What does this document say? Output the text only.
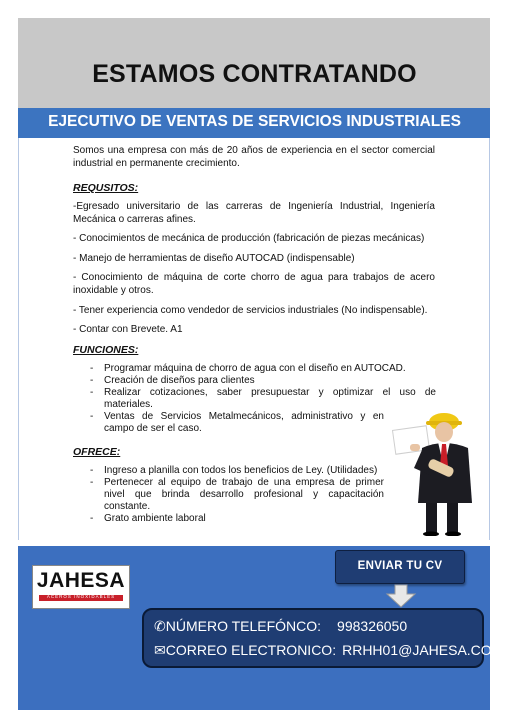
ESTAMOS CONTRATANDO
EJECUTIVO DE VENTAS DE SERVICIOS INDUSTRIALES
Somos una empresa con más de 20 años de experiencia en el sector comercial industrial en permanente crecimiento.
REQUSITOS:
-Egresado universitario de las carreras de Ingeniería Industrial, Ingeniería Mecánica o carreras afines.
- Conocimientos de mecánica de producción (fabricación de piezas mecánicas)
- Manejo de herramientas de diseño AUTOCAD (indispensable)
- Conocimiento de máquina de corte chorro de agua para trabajos de acero inoxidable y otros.
- Tener experiencia como vendedor de servicios industriales (No indispensable).
- Contar con Brevete. A1
FUNCIONES:
- Programar máquina de chorro de agua con el diseño en AUTOCAD.
- Creación de diseños para clientes
- Realizar cotizaciones, saber presupuestar y optimizar el uso de materiales.
- Ventas de Servicios Metalmecánicos, administrativo y en campo de ser el caso.
OFRECE:
- Ingreso a planilla con todos los beneficios de Ley. (Utilidades)
- Pertenecer al equipo de trabajo de una empresa de primer nivel que brinda desarrollo profesional y capacitación constante.
- Grato ambiente laboral
JAHESA
ACEROS INOXIDABLES
ENVIAR TU CV
✆NÚMERO TELEFÓNCO: 998326050
✉CORREO ELECTRONICO: RRHH01@JAHESA.COM
